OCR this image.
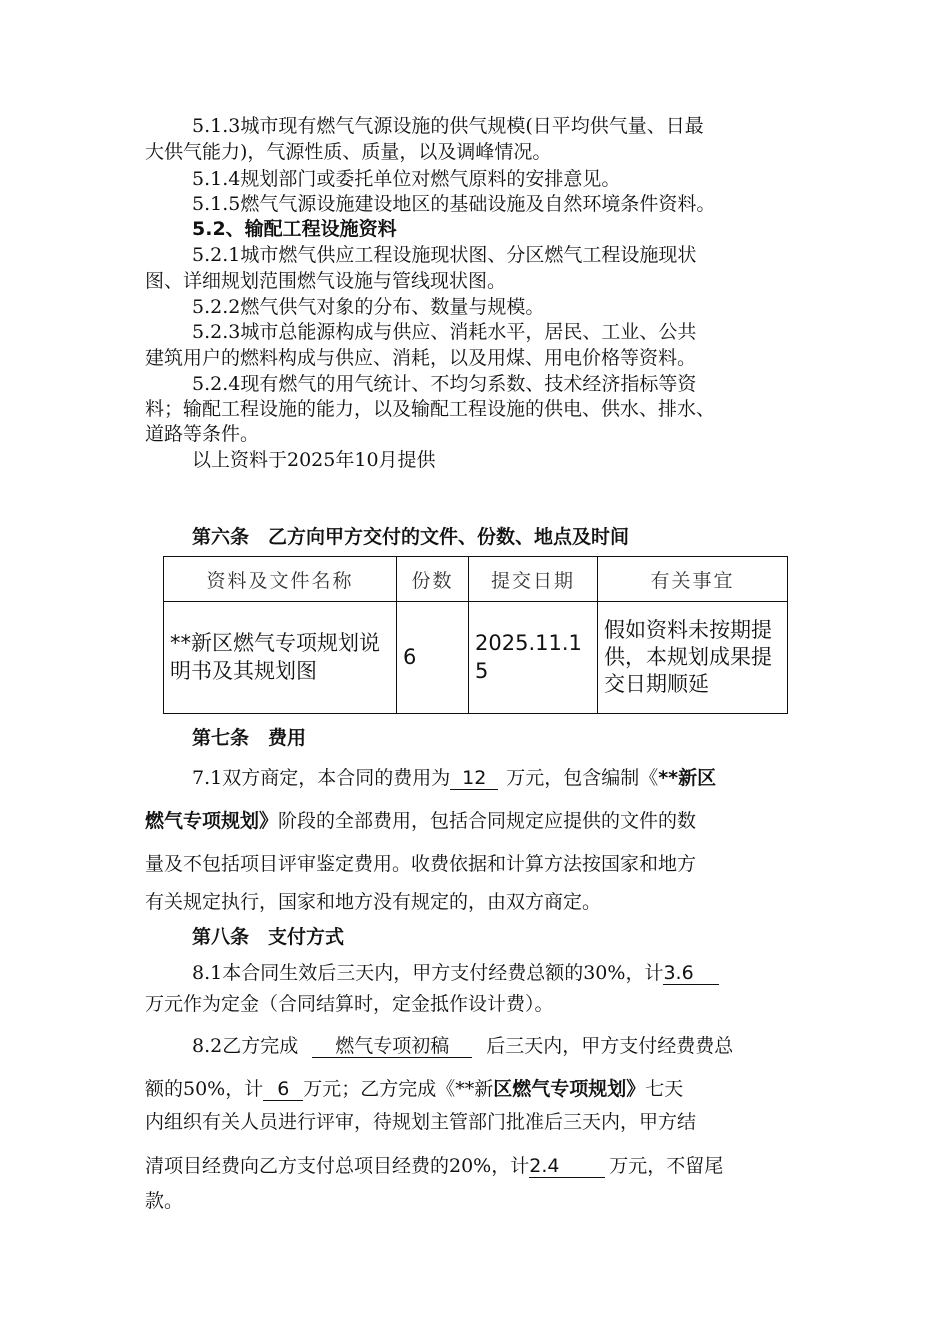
5.1.3城市现有燃气气源设施的供气规模(日平均供气量、日最
大供气能力)，气源性质、质量，以及调峰情况。
5.1.4规划部门或委托单位对燃气原料的安排意见。
5.1.5燃气气源设施建设地区的基础设施及自然环境条件资料。
5.2、输配工程设施资料
5.2.1城市燃气供应工程设施现状图、分区燃气工程设施现状
图、详细规划范围燃气设施与管线现状图。
5.2.2燃气供气对象的分布、数量与规模。
5.2.3城市总能源构成与供应、消耗水平，居民、工业、公共
建筑用户的燃料构成与供应、消耗，以及用煤、用电价格等资料。
5.2.4现有燃气的用气统计、不均匀系数、技术经济指标等资
料；输配工程设施的能力，以及输配工程设施的供电、供水、排水、
道路等条件。
以上资料于2025年10月提供
第六条　乙方向甲方交付的文件、份数、地点及时间
资料及文件名称	份数	提交日期	有关事宜
**新区燃气专项规划说明书及其规划图	6	2025.11.15	假如资料未按期提供，本规划成果提交日期顺延
第七条　费用
7.1双方商定，本合同的费用为 12 万元，包含编制《**新区
燃气专项规划》阶段的全部费用，包括合同规定应提供的文件的数
量及不包括项目评审鉴定费用。收费依据和计算方法按国家和地方
有关规定执行，国家和地方没有规定的，由双方商定。
第八条　支付方式
8.1本合同生效后三天内，甲方支付经费总额的30%，计3.6
万元作为定金（合同结算时，定金抵作设计费）。
8.2乙方完成 燃气专项初稿 后三天内，甲方支付经费费总
额的50%，计 6 万元；乙方完成《**新区燃气专项规划》七天
内组织有关人员进行评审，待规划主管部门批准后三天内，甲方结
清项目经费向乙方支付总项目经费的20%，计2.4	万元，不留尾
款。
